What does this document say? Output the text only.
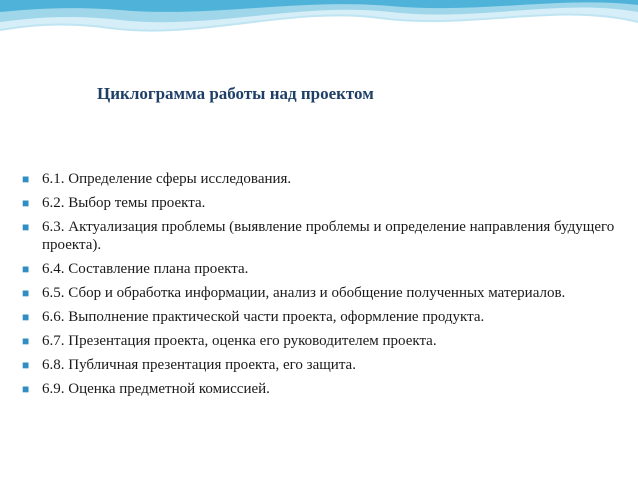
Циклограмма работы над проектом
■ 6.1. Определение сферы исследования.
■ 6.2. Выбор темы проекта.
■ 6.3. Актуализация проблемы (выявление проблемы и определение направления будущего проекта).
■ 6.4. Составление плана проекта.
■ 6.5. Сбор и обработка информации, анализ и обобщение полученных материалов.
■ 6.6. Выполнение практической части проекта, оформление продукта.
■ 6.7. Презентация проекта, оценка его руководителем проекта.
■ 6.8. Публичная презентация проекта, его защита.
■ 6.9. Оценка предметной комиссией.
